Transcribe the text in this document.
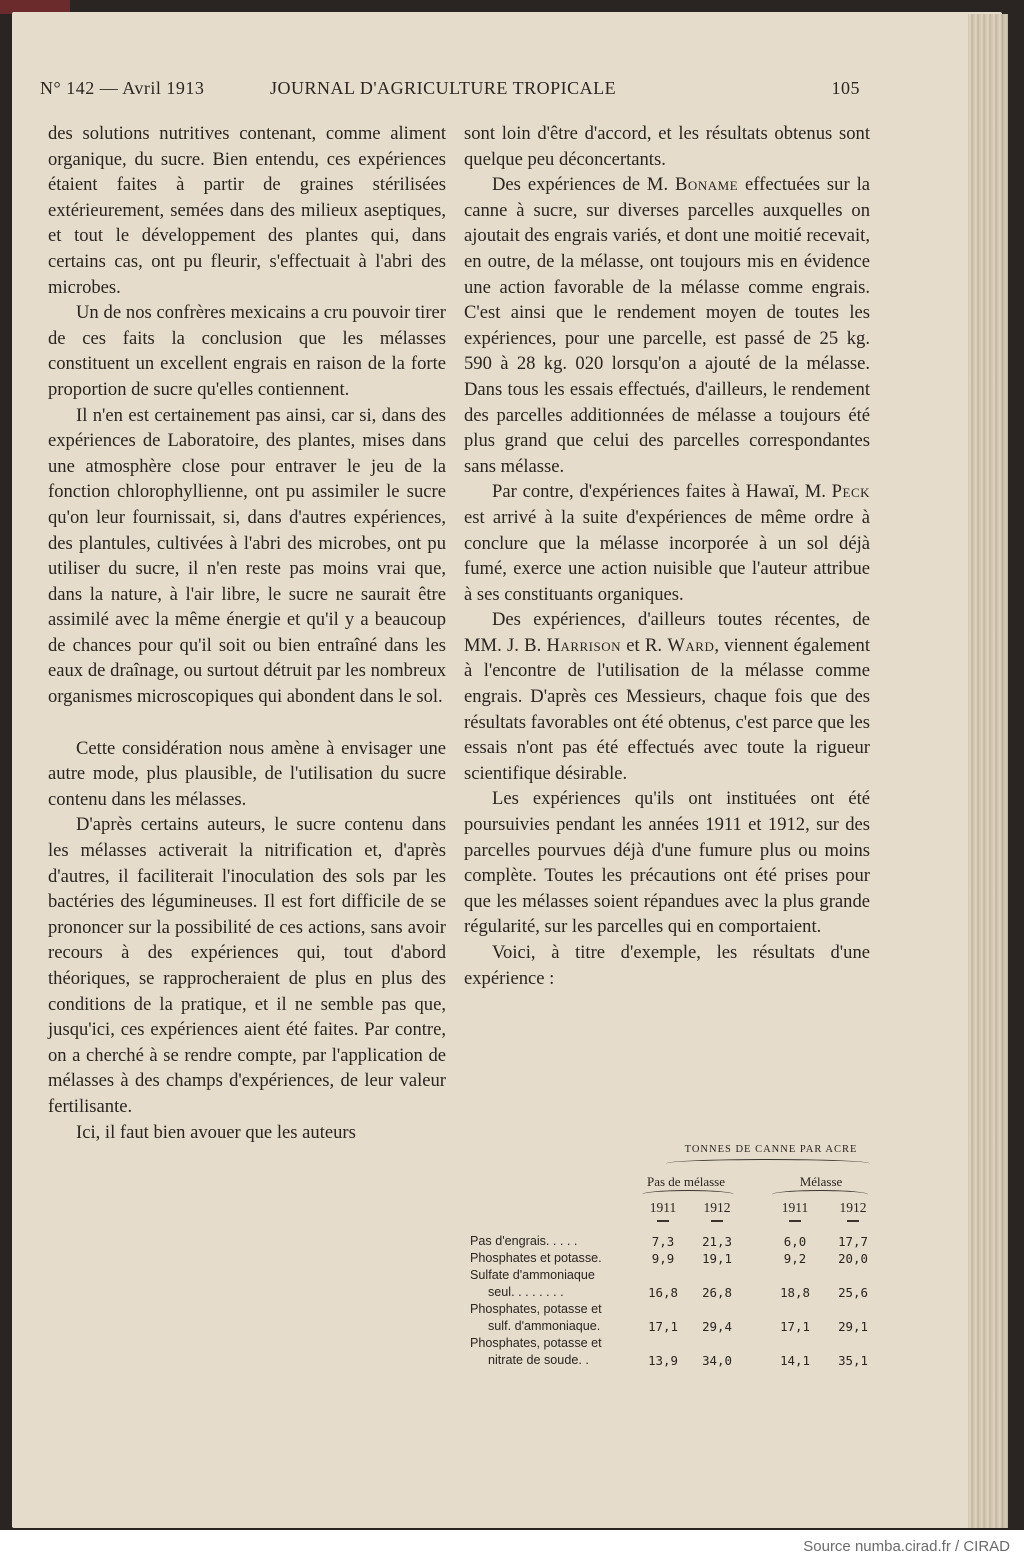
N° 142 — Avril 1913	JOURNAL D'AGRICULTURE TROPICALE	105

des solutions nutritives contenant, comme aliment organique, du sucre. Bien entendu, ces expériences étaient faites à partir de graines stérilisées extérieurement, semées dans des milieux aseptiques, et tout le développement des plantes qui, dans certains cas, ont pu fleurir, s'effectuait à l'abri des microbes.

Un de nos confrères mexicains a cru pouvoir tirer de ces faits la conclusion que les mélasses constituent un excellent engrais en raison de la forte proportion de sucre qu'elles contiennent.

Il n'en est certainement pas ainsi, car si, dans des expériences de Laboratoire, des plantes, mises dans une atmosphère close pour entraver le jeu de la fonction chlorophyllienne, ont pu assimiler le sucre qu'on leur fournissait, si, dans d'autres expériences, des plantules, cultivées à l'abri des microbes, ont pu utiliser du sucre, il n'en reste pas moins vrai que, dans la nature, à l'air libre, le sucre ne saurait être assimilé avec la même énergie et qu'il y a beaucoup de chances pour qu'il soit ou bien entraîné dans les eaux de draînage, ou surtout détruit par les nombreux organismes microscopiques qui abondent dans le sol.

Cette considération nous amène à envisager une autre mode, plus plausible, de l'utilisation du sucre contenu dans les mélasses.

D'après certains auteurs, le sucre contenu dans les mélasses activerait la nitrification et, d'après d'autres, il faciliterait l'inoculation des sols par les bactéries des légumineuses. Il est fort difficile de se prononcer sur la possibilité de ces actions, sans avoir recours à des expériences qui, tout d'abord théoriques, se rapprocheraient de plus en plus des conditions de la pratique, et il ne semble pas que, jusqu'ici, ces expériences aient été faites. Par contre, on a cherché à se rendre compte, par l'application de mélasses à des champs d'expériences, de leur valeur fertilisante.

Ici, il faut bien avouer que les auteurs

sont loin d'être d'accord, et les résultats obtenus sont quelque peu déconcertants.

Des expériences de M. Boname effectuées sur la canne à sucre, sur diverses parcelles auxquelles on ajoutait des engrais variés, et dont une moitié recevait, en outre, de la mélasse, ont toujours mis en évidence une action favorable de la mélasse comme engrais. C'est ainsi que le rendement moyen de toutes les expériences, pour une parcelle, est passé de 25 kg. 590 à 28 kg. 020 lorsqu'on a ajouté de la mélasse. Dans tous les essais effectués, d'ailleurs, le rendement des parcelles additionnées de mélasse a toujours été plus grand que celui des parcelles correspondantes sans mélasse.

Par contre, d'expériences faites à Hawaï, M. Peck est arrivé à la suite d'expériences de même ordre à conclure que la mélasse incorporée à un sol déjà fumé, exerce une action nuisible que l'auteur attribue à ses constituants organiques.

Des expériences, d'ailleurs toutes récentes, de MM. J. B. Harrison et R. Ward, viennent également à l'encontre de l'utilisation de la mélasse comme engrais. D'après ces Messieurs, chaque fois que des résultats favorables ont été obtenus, c'est parce que les essais n'ont pas été effectués avec toute la rigueur scientifique désirable.

Les expériences qu'ils ont instituées ont été poursuivies pendant les années 1911 et 1912, sur des parcelles pourvues déjà d'une fumure plus ou moins complète. Toutes les précautions ont été prises pour que les mélasses soient répandues avec la plus grande régularité, sur les parcelles qui en comportaient.

Voici, à titre d'exemple, les résultats d'une expérience :

TONNES DE CANNE PAR ACRE
Pas de mélasse	Mélasse
1911	1912	1911	1912
Pas d'engrais. . . . .	7,3	21,3	6,0	17,7
Phosphates et potasse.	9,9	19,1	9,2	20,0
Sulfate d'ammoniaque
seul. . . . . . . .	16,8	26,8	18,8	25,6
Phosphates, potasse et
sulf. d'ammoniaque.	17,1	29,4	17,1	29,1
Phosphates, potasse et
nitrate de soude. .	13,9	34,0	14,1	35,1
Source numba.cirad.fr / CIRAD
